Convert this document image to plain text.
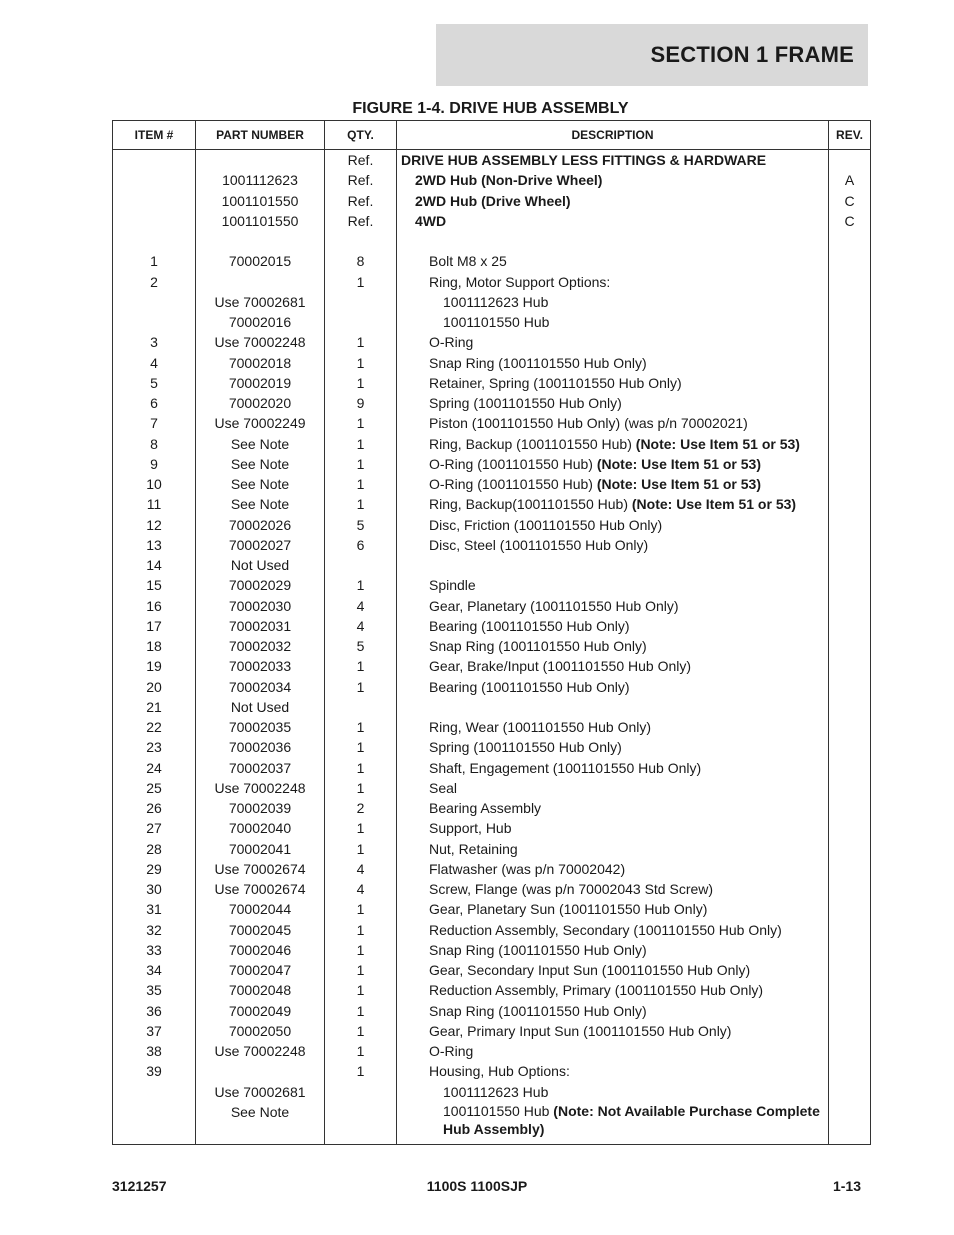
SECTION 1 FRAME
FIGURE 1-4. DRIVE HUB ASSEMBLY
ITEM #	PART NUMBER	QTY.	DESCRIPTION	REV.
		Ref.	DRIVE HUB ASSEMBLY LESS FITTINGS & HARDWARE	
	1001112623	Ref.	2WD Hub (Non-Drive Wheel)	A
	1001101550	Ref.	2WD Hub (Drive Wheel)	C
	1001101550	Ref.	4WD	C

1	70002015	8	Bolt M8 x 25	
2		1	Ring, Motor Support Options:	
	Use 70002681		1001112623 Hub	
	70002016		1001101550 Hub	
3	Use 70002248	1	O-Ring	
4	70002018	1	Snap Ring (1001101550 Hub Only)	
5	70002019	1	Retainer, Spring (1001101550 Hub Only)	
6	70002020	9	Spring (1001101550 Hub Only)	
7	Use 70002249	1	Piston (1001101550 Hub Only) (was p/n 70002021)	
8	See Note	1	Ring, Backup (1001101550 Hub) (Note: Use Item 51 or 53)	
9	See Note	1	O-Ring (1001101550 Hub) (Note: Use Item 51 or 53)	
10	See Note	1	O-Ring (1001101550 Hub) (Note: Use Item 51 or 53)	
11	See Note	1	Ring, Backup(1001101550 Hub) (Note: Use Item 51 or 53)	
12	70002026	5	Disc, Friction (1001101550 Hub Only)	
13	70002027	6	Disc, Steel (1001101550 Hub Only)	
14	Not Used			
15	70002029	1	Spindle	
16	70002030	4	Gear, Planetary (1001101550 Hub Only)	
17	70002031	4	Bearing (1001101550 Hub Only)	
18	70002032	5	Snap Ring (1001101550 Hub Only)	
19	70002033	1	Gear, Brake/Input (1001101550 Hub Only)	
20	70002034	1	Bearing (1001101550 Hub Only)	
21	Not Used			
22	70002035	1	Ring, Wear (1001101550 Hub Only)	
23	70002036	1	Spring (1001101550 Hub Only)	
24	70002037	1	Shaft, Engagement (1001101550 Hub Only)	
25	Use 70002248	1	Seal	
26	70002039	2	Bearing Assembly	
27	70002040	1	Support, Hub	
28	70002041	1	Nut, Retaining	
29	Use 70002674	4	Flatwasher (was p/n 70002042)	
30	Use 70002674	4	Screw, Flange (was p/n 70002043 Std Screw)	
31	70002044	1	Gear, Planetary Sun (1001101550 Hub Only)	
32	70002045	1	Reduction Assembly, Secondary (1001101550 Hub Only)	
33	70002046	1	Snap Ring (1001101550 Hub Only)	
34	70002047	1	Gear, Secondary Input Sun (1001101550 Hub Only)	
35	70002048	1	Reduction Assembly, Primary (1001101550 Hub Only)	
36	70002049	1	Snap Ring (1001101550 Hub Only)	
37	70002050	1	Gear, Primary Input Sun (1001101550 Hub Only)	
38	Use 70002248	1	O-Ring	
39		1	Housing, Hub Options:	
	Use 70002681		1001112623 Hub	
	See Note		1001101550 Hub (Note: Not Available Purchase Complete Hub Assembly)	
3121257	1100S 1100SJP	1-13
